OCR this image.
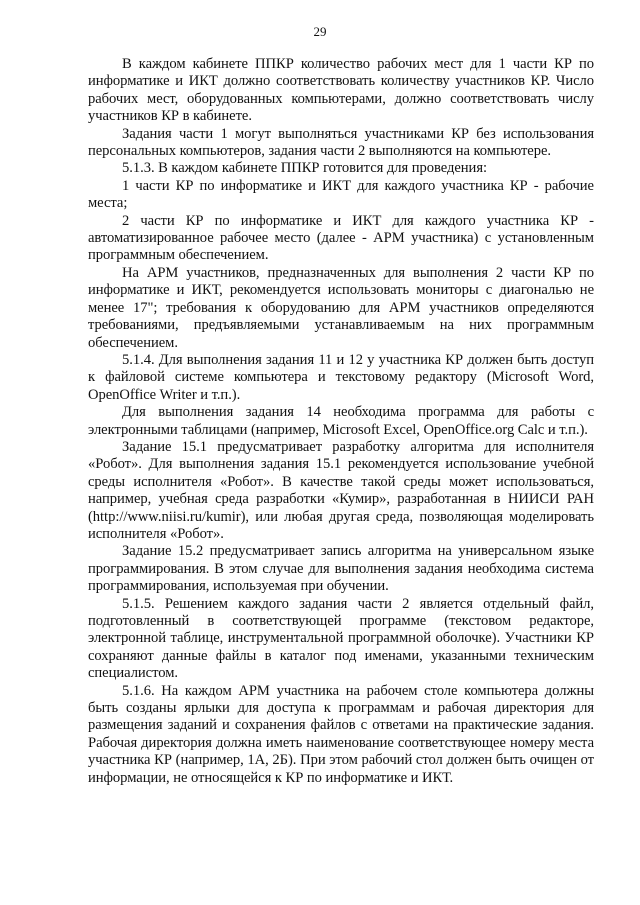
29

В каждом кабинете ППКР количество рабочих мест для 1 части КР по информатике и ИКТ должно соответствовать количеству участников КР. Число рабочих мест, оборудованных компьютерами, должно соответствовать числу участников КР в кабинете.

Задания части 1 могут выполняться участниками КР без использования персональных компьютеров, задания части 2 выполняются на компьютере.

5.1.3. В каждом кабинете ППКР готовится для проведения:

1 части КР по информатике и ИКТ для каждого участника КР - рабочие места;

2 части КР по информатике и ИКТ для каждого участника КР - автоматизированное рабочее место (далее - АРМ участника) с установленным программным обеспечением.

На АРМ участников, предназначенных для выполнения 2 части КР по информатике и ИКТ, рекомендуется использовать мониторы с диагональю не менее 17"; требования к оборудованию для АРМ участников определяются требованиями, предъявляемыми устанавливаемым на них программным обеспечением.

5.1.4. Для выполнения задания 11 и 12 у участника КР должен быть доступ к файловой системе компьютера и текстовому редактору (Microsoft Word, OpenOffice Writer и т.п.).

Для выполнения задания 14 необходима программа для работы с электронными таблицами (например, Microsoft Excel, OpenOffice.org Calc и т.п.).

Задание 15.1 предусматривает разработку алгоритма для исполнителя «Робот». Для выполнения задания 15.1 рекомендуется использование учебной среды исполнителя «Робот». В качестве такой среды может использоваться, например, учебная среда разработки «Кумир», разработанная в НИИСИ РАН (http://www.niisi.ru/kumir), или любая другая среда, позволяющая моделировать исполнителя «Робот».

Задание 15.2 предусматривает запись алгоритма на универсальном языке программирования. В этом случае для выполнения задания необходима система программирования, используемая при обучении.

5.1.5. Решением каждого задания части 2 является отдельный файл, подготовленный в соответствующей программе (текстовом редакторе, электронной таблице, инструментальной программной оболочке). Участники КР сохраняют данные файлы в каталог под именами, указанными техническим специалистом.

5.1.6. На каждом АРМ участника на рабочем столе компьютера должны быть созданы ярлыки для доступа к программам и рабочая директория для размещения заданий и сохранения файлов с ответами на практические задания. Рабочая директория должна иметь наименование соответствующее номеру места участника КР (например, 1А, 2Б). При этом рабочий стол должен быть очищен от информации, не относящейся к КР по информатике и ИКТ.
